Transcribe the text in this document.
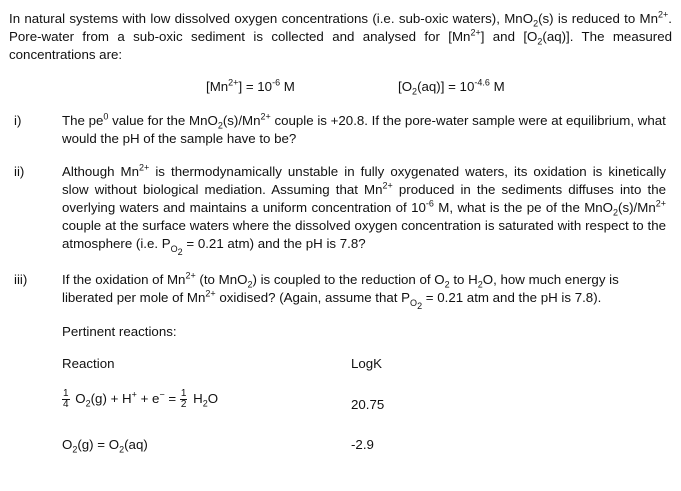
In natural systems with low dissolved oxygen concentrations (i.e. sub-oxic waters), MnO$_2$(s) is reduced to $Mn^{2+}$. Pore-water from a sub-oxic sediment is collected and analysed for $[Mn^{2+}]$ and $[O_2(aq)]$. The measured concentrations are:
$[Mn^{2+}] = 10^{-6}$ M	$[O_2(aq)] = 10^{-4.6}$ M
i)	The $pe^0$ value for the $MnO_2(s)/Mn^{2+}$ couple is +20.8. If the pore-water sample were at equilibrium, what would the pH of the sample have to be?
ii)	Although $Mn^{2+}$ is thermodynamically unstable in fully oxygenated waters, its oxidation is kinetically slow without biological mediation. Assuming that $Mn^{2+}$ produced in the sediments diffuses into the overlying waters and maintains a uniform concentration of $10^{-6}$ M, what is the pe of the $MnO_2(s)/Mn^{2+}$ couple at the surface waters where the dissolved oxygen concentration is saturated with respect to the atmosphere (i.e. $P_{O_2} = 0.21$ atm) and the pH is 7.8?
iii)	If the oxidation of $Mn^{2+}$ (to MnO$_2$) is coupled to the reduction of $O_2$ to $H_2O$, how much energy is liberated per mole of $Mn^{2+}$ oxidised? (Again, assume that $P_{O_2} = 0.21$ atm and the pH is 7.8).
Pertinent reactions:
Reaction	LogK
$\frac{1}{4} O_2(g) + H^+ + e^- = \frac{1}{2} H_2O$	20.75
$O_2(g) = O_2(aq)$	-2.9
